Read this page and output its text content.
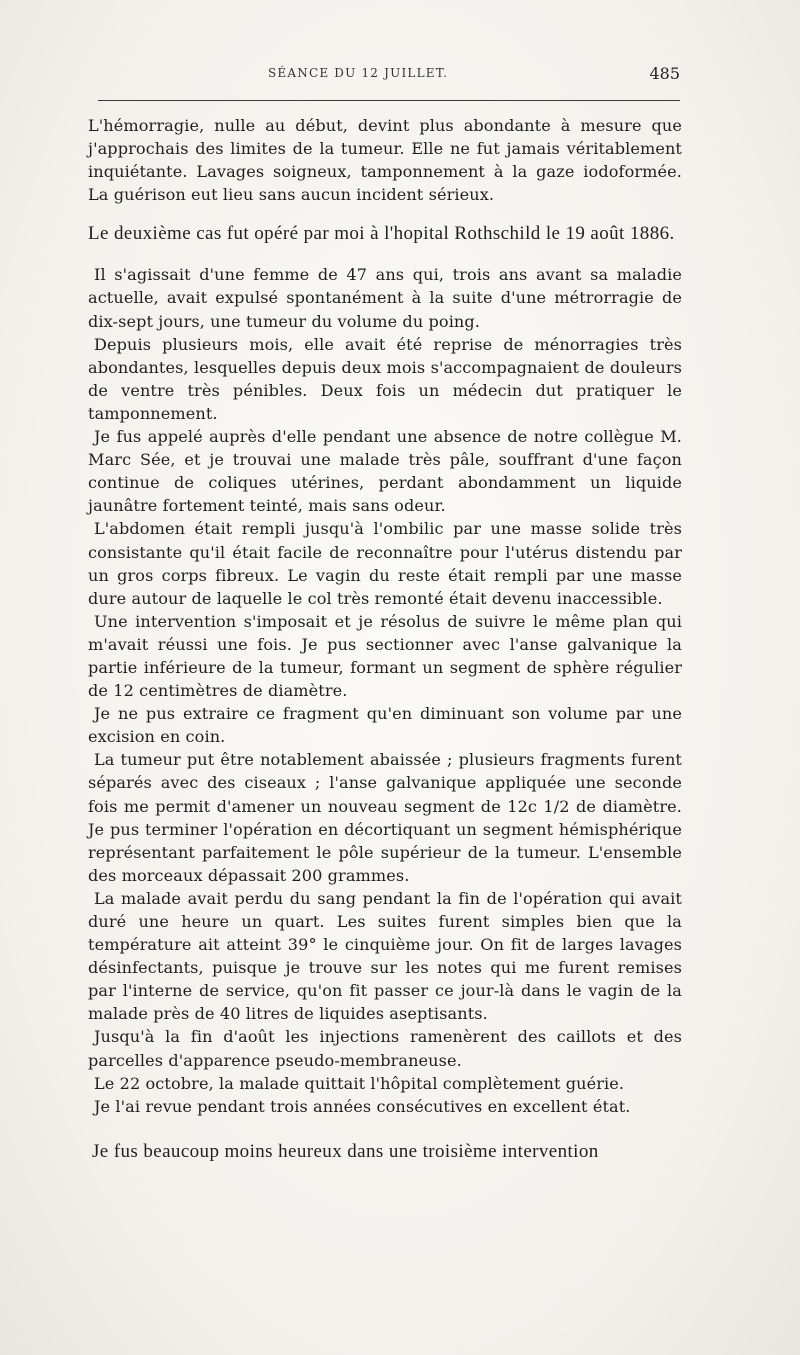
SÉANCE DU 12 JUILLET.	485

L'hémorragie, nulle au début, devint plus abondante à mesure que j'approchais des limites de la tumeur. Elle ne fut jamais véritablement inquiétante. Lavages soigneux, tamponnement à la gaze iodoformée. La guérison eut lieu sans aucun incident sérieux.

Le deuxième cas fut opéré par moi à l'hopital Rothschild le 19 août 1886.

Il s'agissait d'une femme de 47 ans qui, trois ans avant sa maladie actuelle, avait expulsé spontanément à la suite d'une métrorragie de dix-sept jours, une tumeur du volume du poing.

Depuis plusieurs mois, elle avait été reprise de ménorragies très abondantes, lesquelles depuis deux mois s'accompagnaient de douleurs de ventre très pénibles. Deux fois un médecin dut pratiquer le tamponnement.

Je fus appelé auprès d'elle pendant une absence de notre collègue M. Marc Sée, et je trouvai une malade très pâle, souffrant d'une façon continue de coliques utérines, perdant abondamment un liquide jaunâtre fortement teinté, mais sans odeur.

L'abdomen était rempli jusqu'à l'ombilic par une masse solide très consistante qu'il était facile de reconnaître pour l'utérus distendu par un gros corps fibreux. Le vagin du reste était rempli par une masse dure autour de laquelle le col très remonté était devenu inaccessible.

Une intervention s'imposait et je résolus de suivre le même plan qui m'avait réussi une fois. Je pus sectionner avec l'anse galvanique la partie inférieure de la tumeur, formant un segment de sphère régulier de 12 centimètres de diamètre.

Je ne pus extraire ce fragment qu'en diminuant son volume par une excision en coin.

La tumeur put être notablement abaissée ; plusieurs fragments furent séparés avec des ciseaux ; l'anse galvanique appliquée une seconde fois me permit d'amener un nouveau segment de 12c 1/2 de diamètre. Je pus terminer l'opération en décortiquant un segment hémisphérique représentant parfaitement le pôle supérieur de la tumeur. L'ensemble des morceaux dépassait 200 grammes.

La malade avait perdu du sang pendant la fin de l'opération qui avait duré une heure un quart. Les suites furent simples bien que la température ait atteint 39° le cinquième jour. On fit de larges lavages désinfectants, puisque je trouve sur les notes qui me furent remises par l'interne de service, qu'on fit passer ce jour-là dans le vagin de la malade près de 40 litres de liquides aseptisants.

Jusqu'à la fin d'août les injections ramenèrent des caillots et des parcelles d'apparence pseudo-membraneuse.

Le 22 octobre, la malade quittait l'hôpital complètement guérie.

Je l'ai revue pendant trois années consécutives en excellent état.

Je fus beaucoup moins heureux dans une troisième intervention
